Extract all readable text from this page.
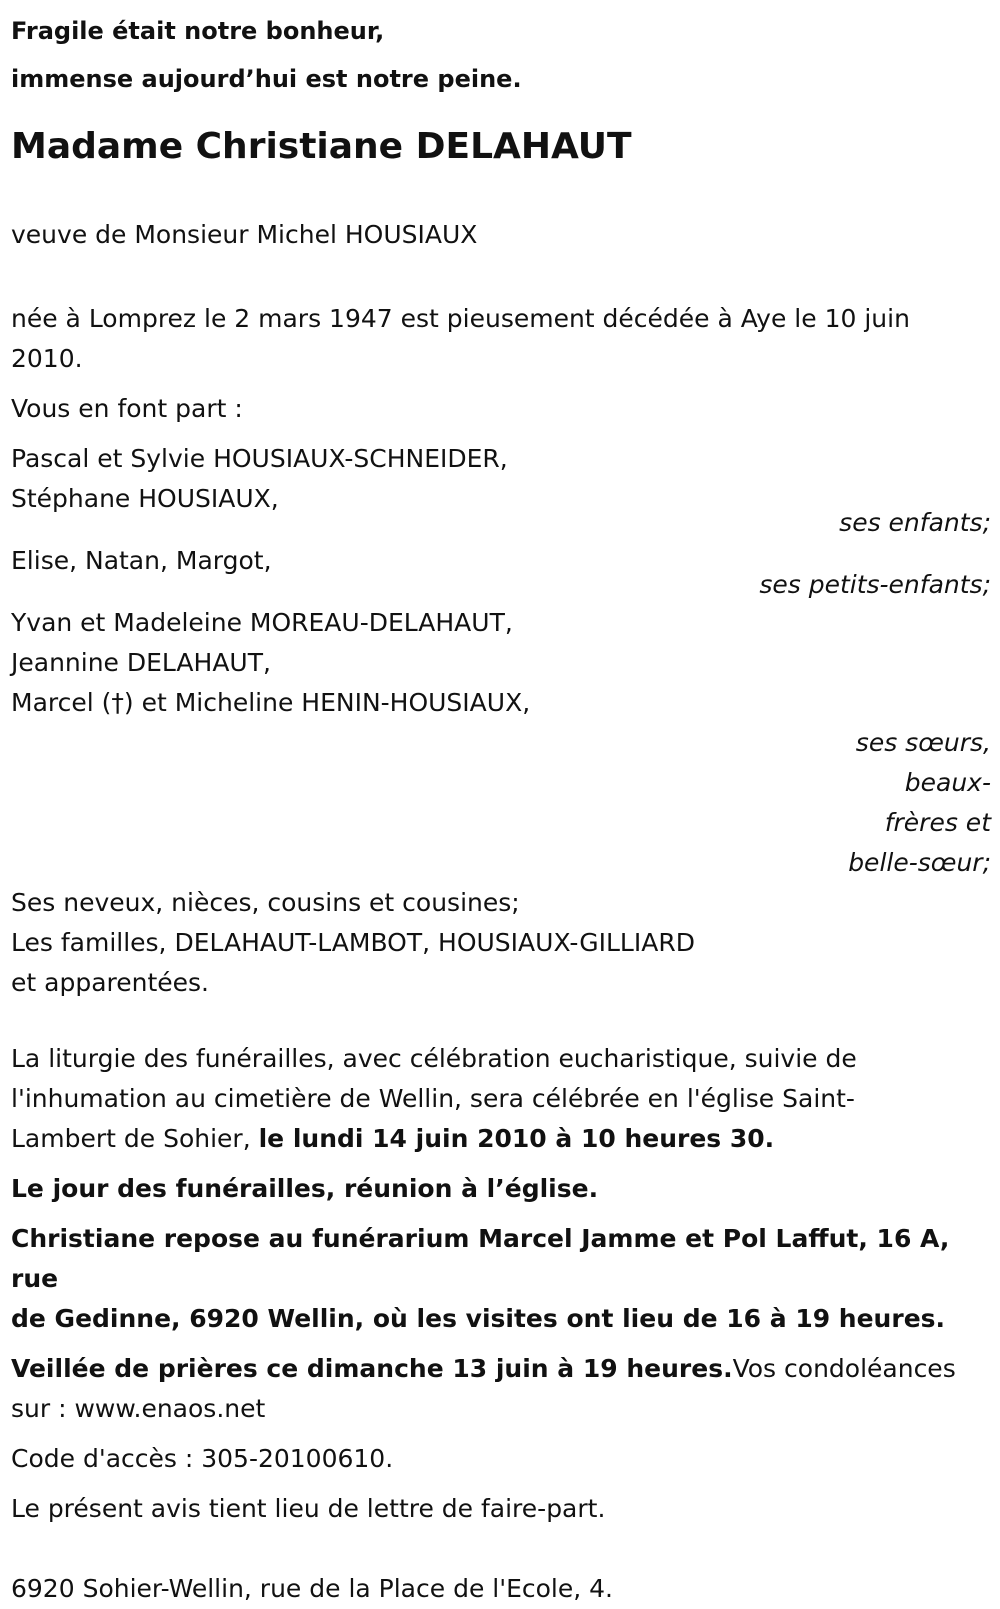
Fragile était notre bonheur,
immense aujourd’hui est notre peine.
Madame Christiane DELAHAUT

veuve de Monsieur Michel HOUSIAUX

née à Lomprez le 2 mars 1947 est pieusement décédée à Aye le 10 juin
2010.

Vous en font part :

Pascal et Sylvie HOUSIAUX-SCHNEIDER,
Stéphane HOUSIAUX,

ses enfants;

Elise, Natan, Margot,

ses petits-enfants;

Yvan et Madeleine MOREAU-DELAHAUT,
Jeannine DELAHAUT,
Marcel (†) et Micheline HENIN-HOUSIAUX,
ses sœurs, beaux-
frères et
belle-sœur;
Ses neveux, nièces, cousins et cousines;
Les familles, DELAHAUT-LAMBOT, HOUSIAUX-GILLIARD
et apparentées.

La liturgie des funérailles, avec célébration eucharistique, suivie de
l'inhumation au cimetière de Wellin, sera célébrée en l'église Saint-
Lambert de Sohier, le lundi 14 juin 2010 à 10 heures 30.

Le jour des funérailles, réunion à l’église.

Christiane repose au funérarium Marcel Jamme et Pol Laffut, 16 A, rue
de Gedinne, 6920 Wellin, où les visites ont lieu de 16 à 19 heures.

Veillée de prières ce dimanche 13 juin à 19 heures.Vos condoléances
sur : www.enaos.net

Code d'accès : 305-20100610.

Le présent avis tient lieu de lettre de faire-part.

6920 Sohier-Wellin, rue de la Place de l'Ecole, 4.
